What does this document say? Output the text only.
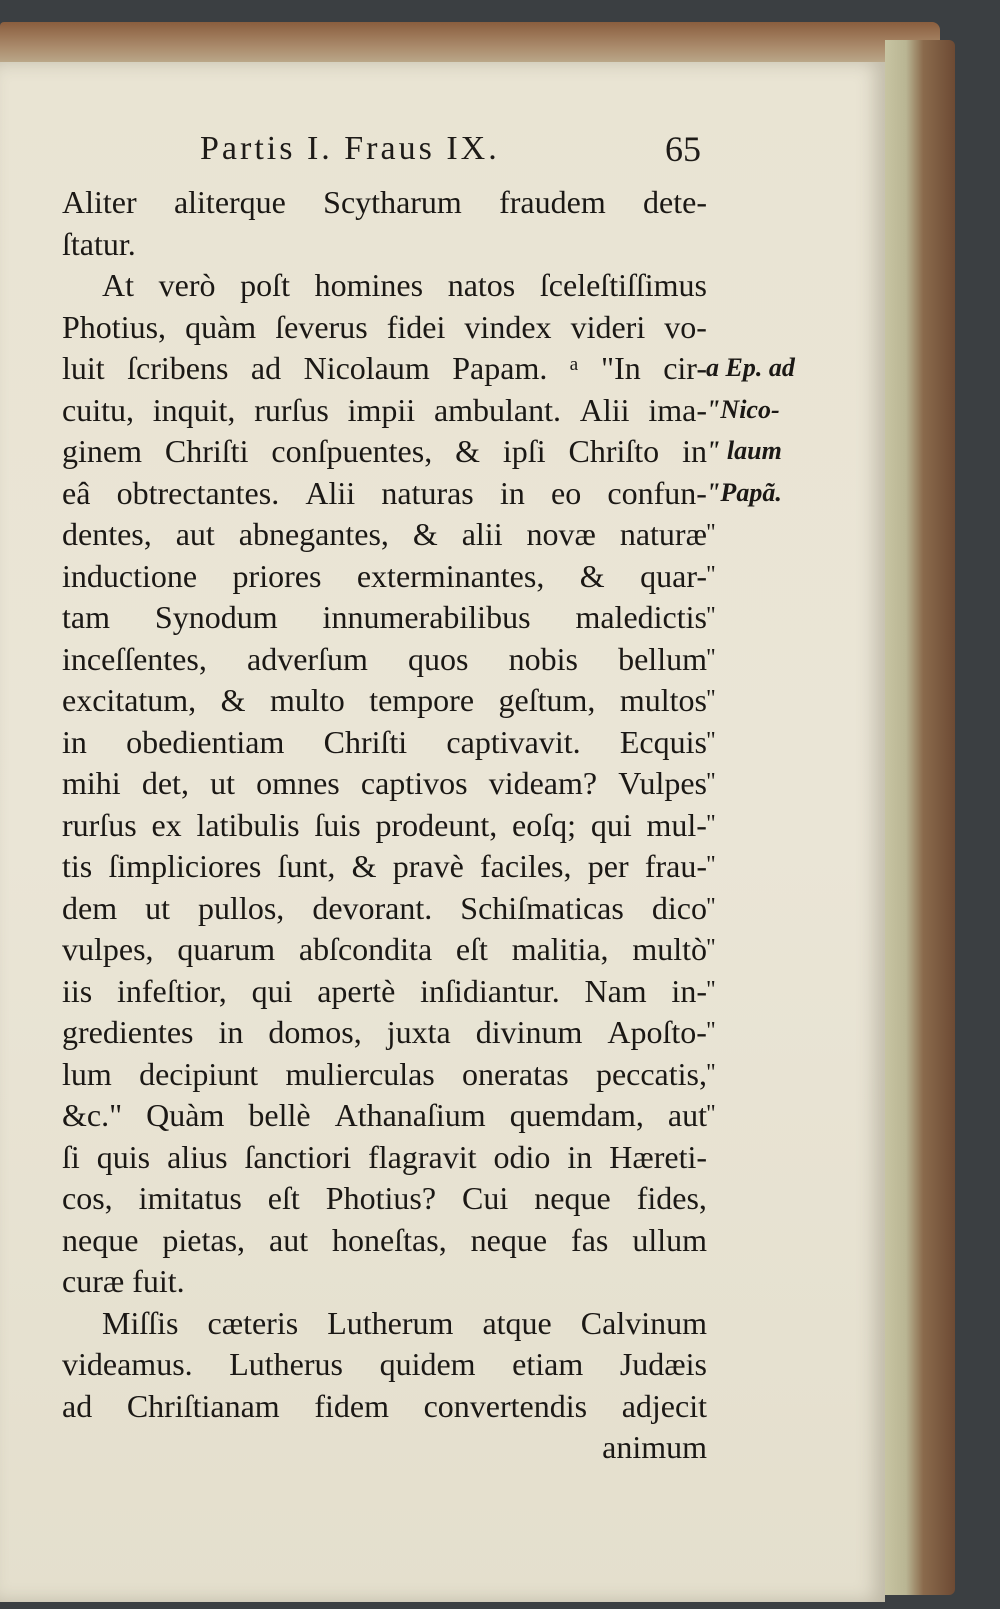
Partis I. Fraus IX.	65
Aliter aliterque Scytharum fraudem dete-
ſtatur.
At verò poſt homines natos ſceleſtiſſimus
Photius, quàm ſeverus fidei vindex videri vo-
luit ſcribens ad Nicolaum Papam. ᵃ "In cir-
cuitu, inquit, rurſus impii ambulant. Alii ima-
ginem Chriſti conſpuentes, & ipſi Chriſto in
eâ obtrectantes. Alii naturas in eo confun-
dentes, aut abnegantes, & alii novæ naturæ
inductione priores exterminantes, & quar-
tam Synodum innumerabilibus maledictis
inceſſentes, adverſum quos nobis bellum
excitatum, & multo tempore geſtum, multos
in obedientiam Chriſti captivavit. Ecquis
mihi det, ut omnes captivos videam? Vulpes
rurſus ex latibulis ſuis prodeunt, eoſq; qui mul-
tis ſimpliciores ſunt, & pravè faciles, per frau-
dem ut pullos, devorant. Schiſmaticas dico
vulpes, quarum abſcondita eſt malitia, multò
iis infeſtior, qui apertè inſidiantur. Nam in-
gredientes in domos, juxta divinum Apoſto-
lum decipiunt mulierculas oneratas peccatis,
&c." Quàm bellè Athanaſium quemdam, aut
ſi quis alius ſanctiori flagravit odio in Hæreti-
cos, imitatus eſt Photius? Cui neque fides,
neque pietas, aut honeſtas, neque fas ullum
curæ fuit.
Miſſis cæteris Lutherum atque Calvinum
videamus. Lutherus quidem etiam Judæis
ad Chriſtianam fidem convertendis adjecit
animum
a Ep. ad
"Nico-
" laum
"Papã.
"
"
"
"
"
"
"
"
"
"
"
"
"
"
"
